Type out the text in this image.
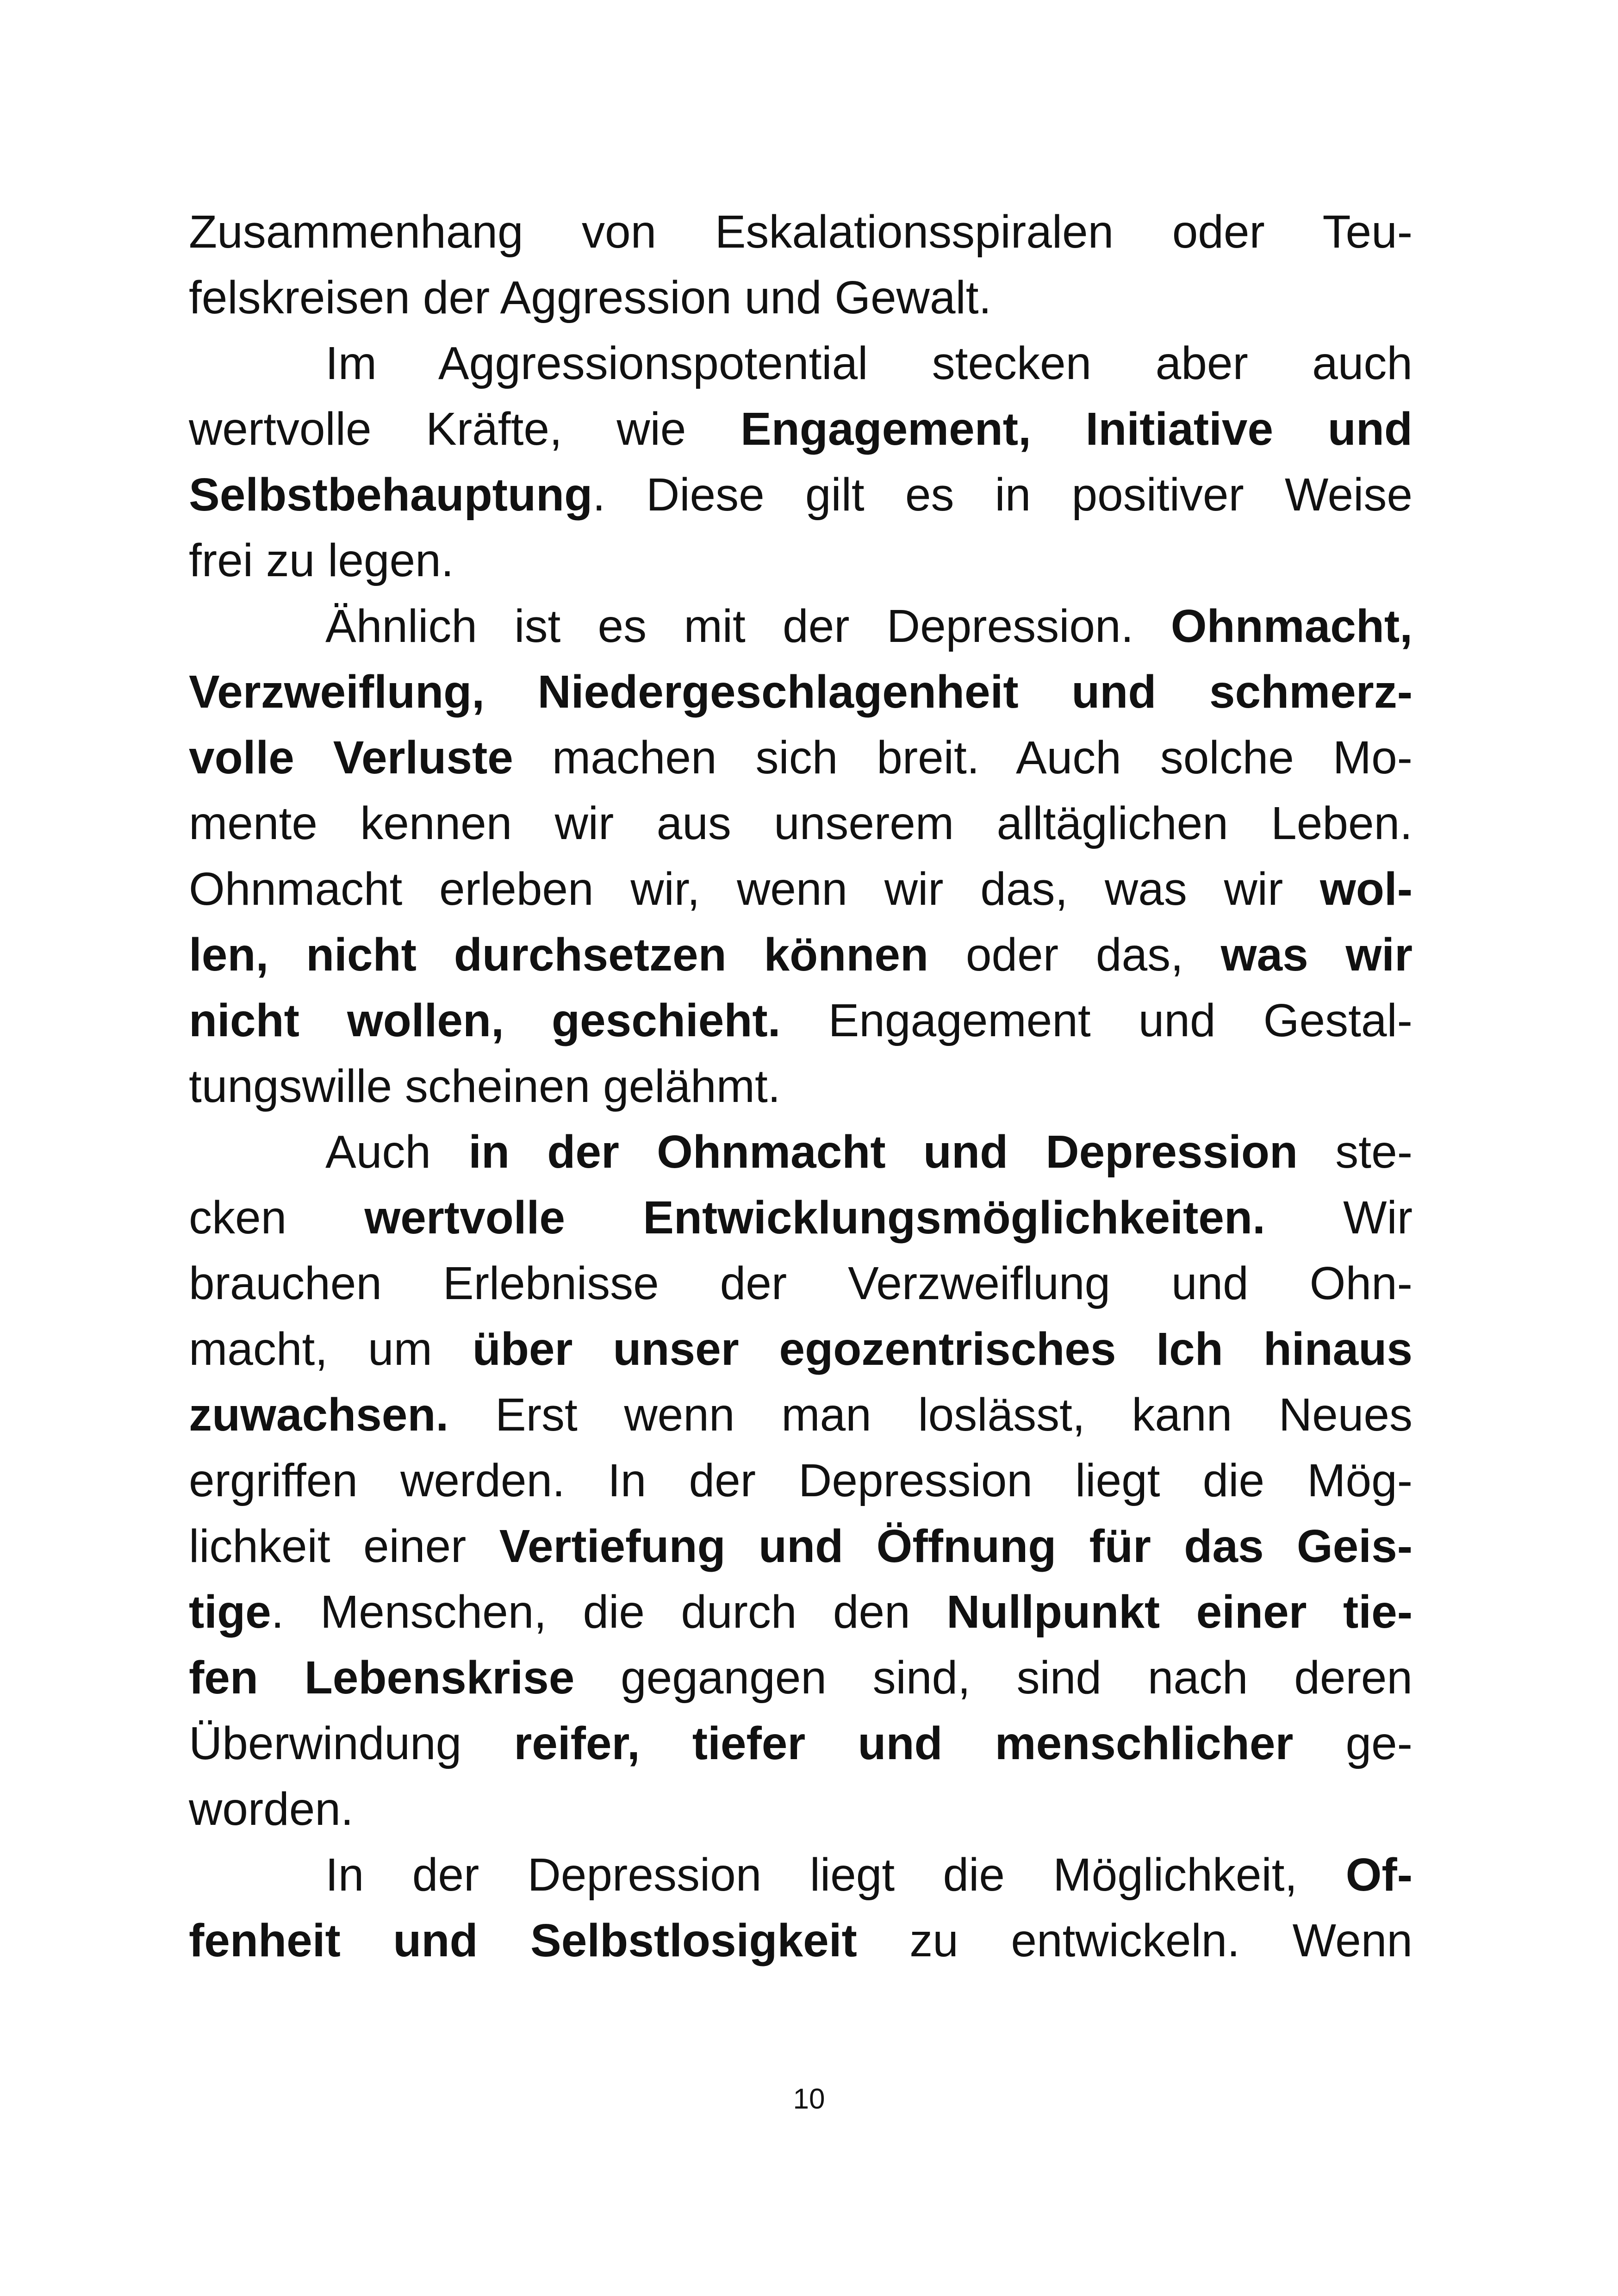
Zusammenhang von Eskalationsspiralen oder Teu-
felskreisen der Aggression und Gewalt.
Im Aggressionspotential stecken aber auch
wertvolle Kräfte, wie Engagement, Initiative und
Selbstbehauptung. Diese gilt es in positiver Weise
frei zu legen.
Ähnlich ist es mit der Depression. Ohnmacht,
Verzweiflung, Niedergeschlagenheit und schmerz-
volle Verluste machen sich breit. Auch solche Mo-
mente kennen wir aus unserem alltäglichen Leben.
Ohnmacht erleben wir, wenn wir das, was wir wol-
len, nicht durchsetzen können oder das, was wir
nicht wollen, geschieht. Engagement und Gestal-
tungswille scheinen gelähmt.
Auch in der Ohnmacht und Depression ste-
cken wertvolle Entwicklungsmöglichkeiten. Wir
brauchen Erlebnisse der Verzweiflung und Ohn-
macht, um über unser egozentrisches Ich hinaus
zuwachsen. Erst wenn man loslässt, kann Neues
ergriffen werden. In der Depression liegt die Mög-
lichkeit einer Vertiefung und Öffnung für das Geis-
tige. Menschen, die durch den Nullpunkt einer tie-
fen Lebenskrise gegangen sind, sind nach deren
Überwindung reifer, tiefer und menschlicher ge-
worden.
In der Depression liegt die Möglichkeit, Of-
fenheit und Selbstlosigkeit zu entwickeln. Wenn
10
